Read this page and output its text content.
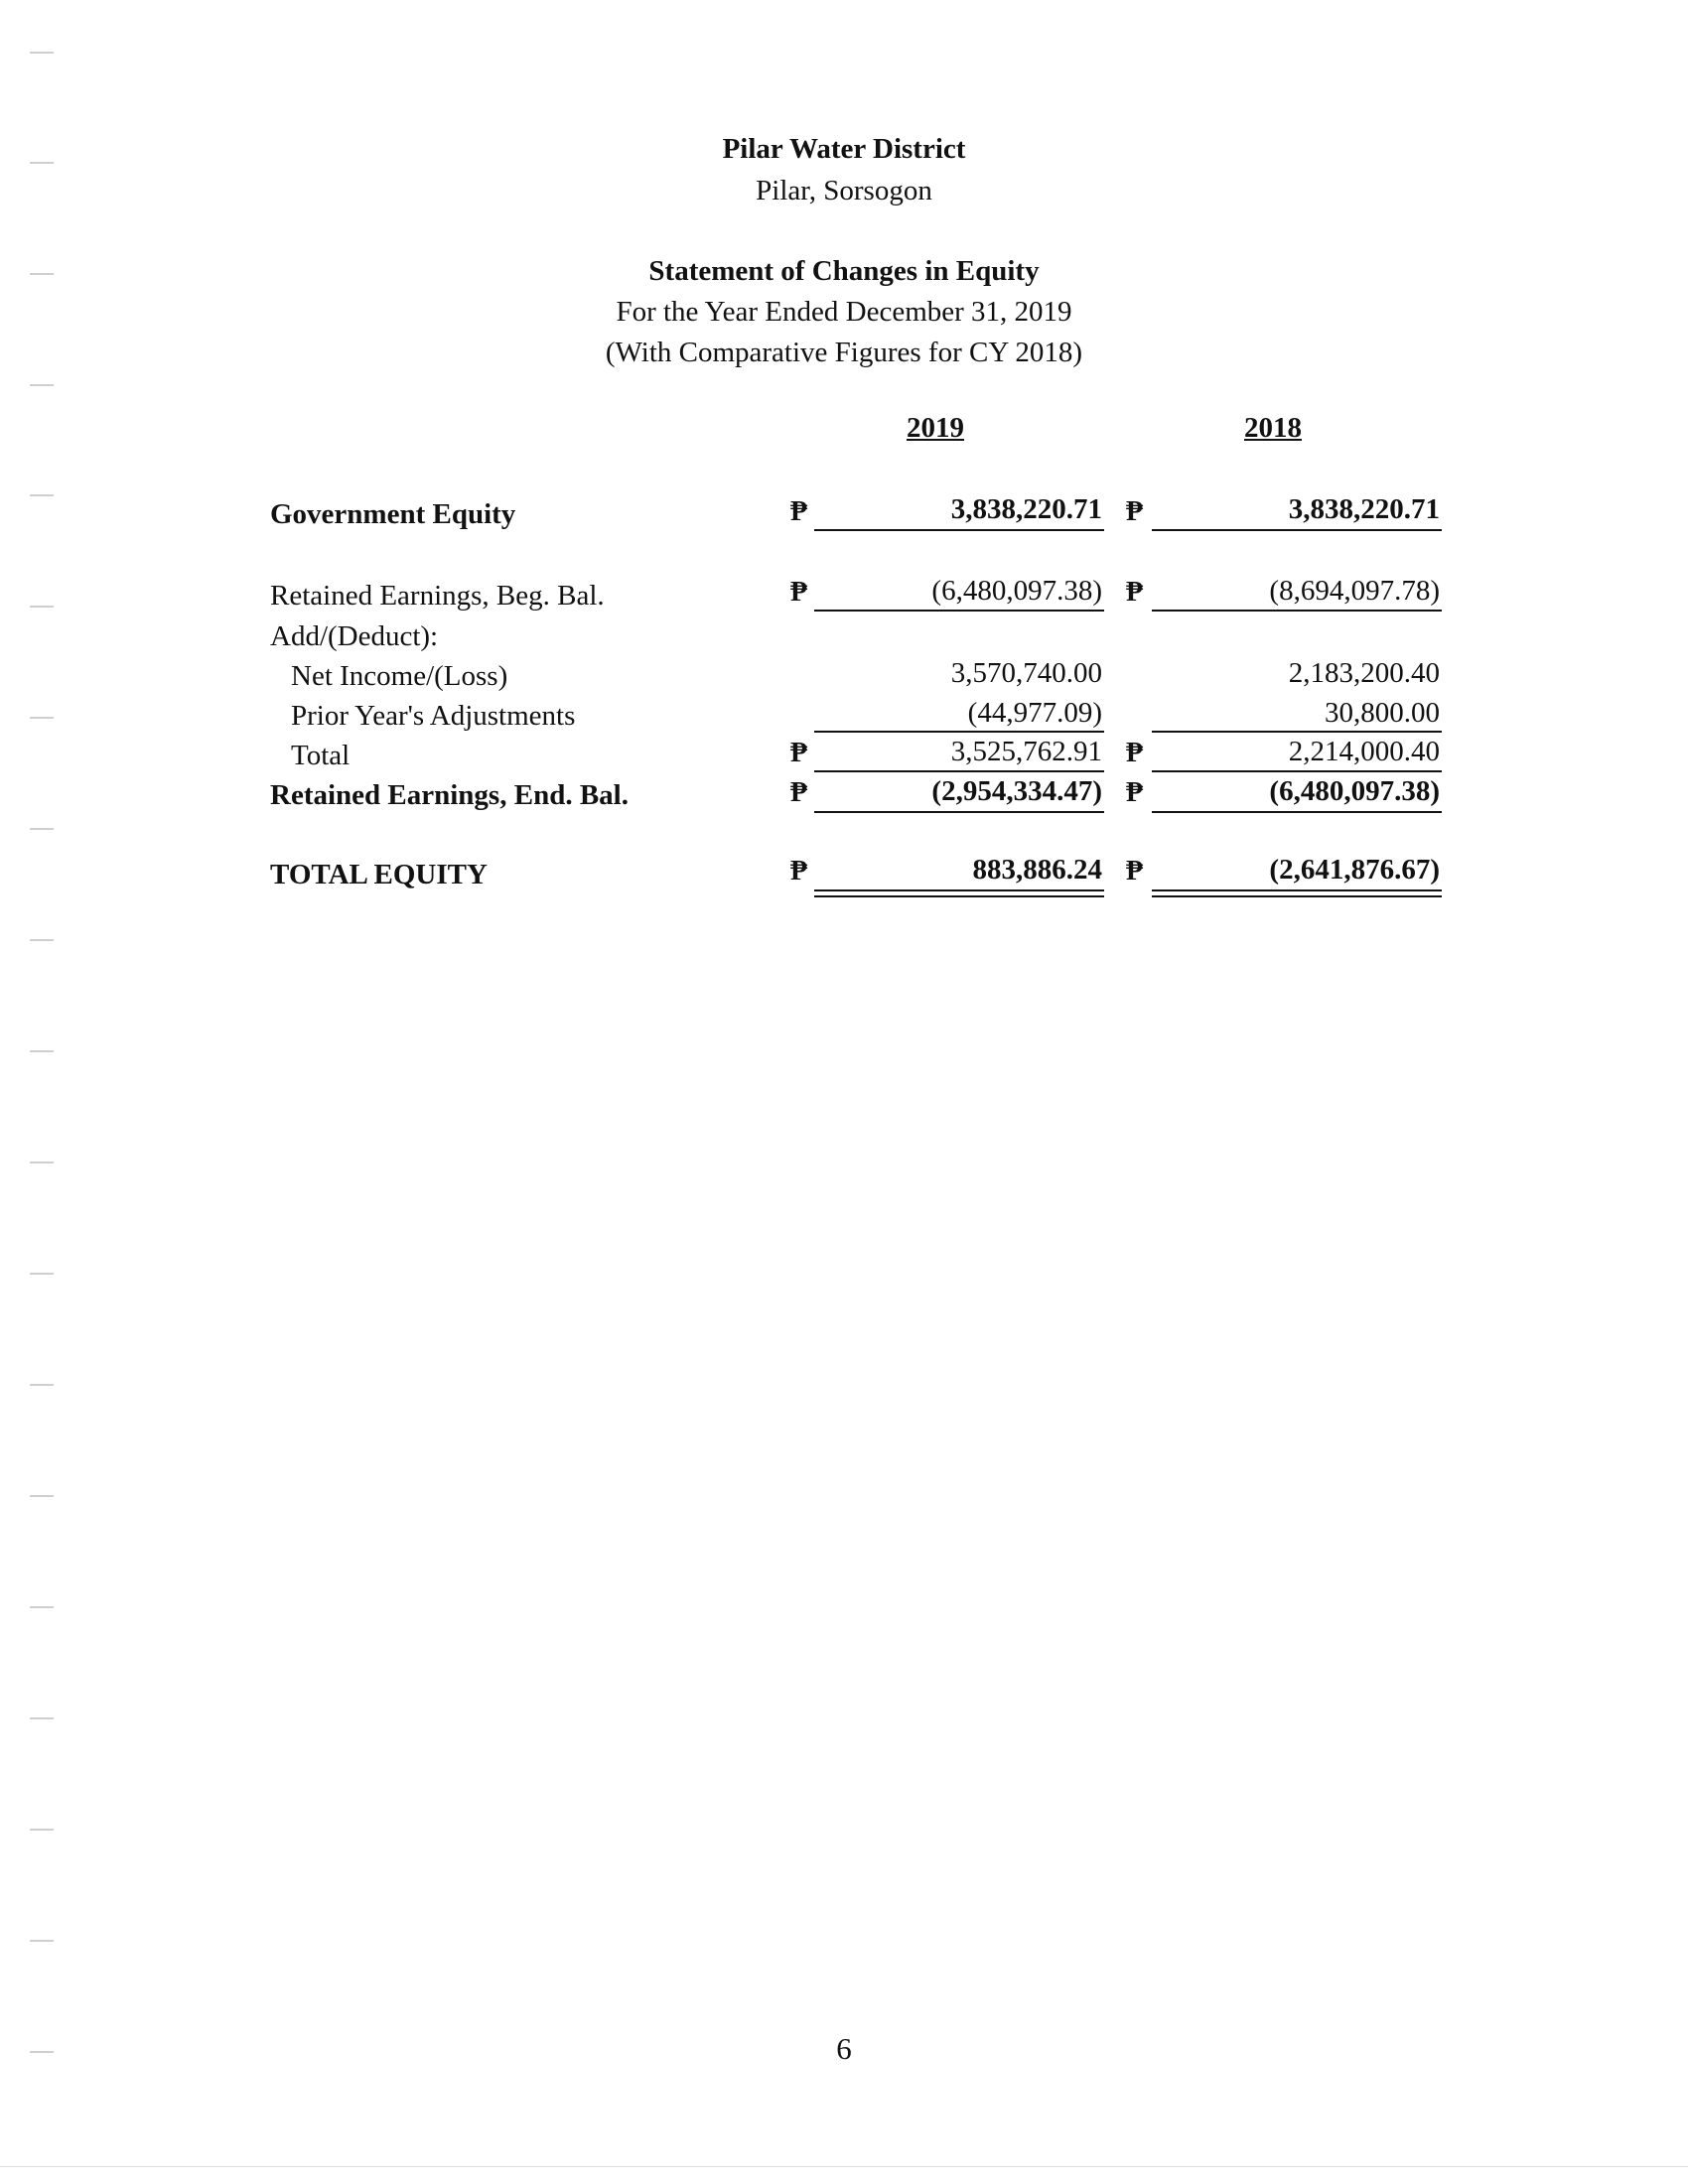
Pilar Water District
Pilar, Sorsogon
Statement of Changes in Equity
For the Year Ended December 31, 2019
(With Comparative Figures for CY 2018)
2019	2018
Government Equity	₱	3,838,220.71 ₱	3,838,220.71
Retained Earnings, Beg. Bal.	₱	(6,480,097.38) ₱	(8,694,097.78)
Add/(Deduct):
Net Income/(Loss)	3,570,740.00	2,183,200.40
Prior Year's Adjustments	(44,977.09)	30,800.00
Total	₱	3,525,762.91 ₱	2,214,000.40
Retained Earnings, End. Bal.	₱	(2,954,334.47) ₱	(6,480,097.38)
TOTAL EQUITY	₱	883,886.24 ₱	(2,641,876.67)
6
